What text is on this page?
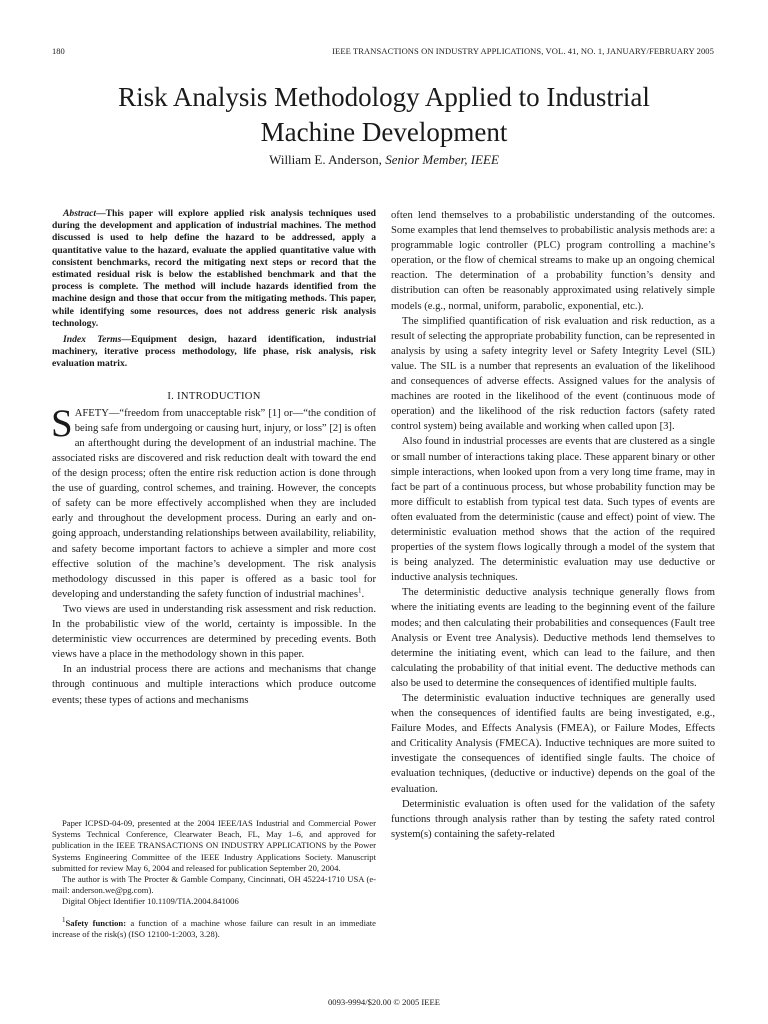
180	IEEE TRANSACTIONS ON INDUSTRY APPLICATIONS, VOL. 41, NO. 1, JANUARY/FEBRUARY 2005
Risk Analysis Methodology Applied to Industrial
Machine Development
William E. Anderson, Senior Member, IEEE

Abstract—This paper will explore applied risk analysis techniques used during the development and application of industrial machines. The method discussed is used to help define the hazard to be addressed, apply a quantitative value to the hazard, evaluate the applied quantitative value with consistent benchmarks, record the mitigating next steps or record that the estimated residual risk is below the established benchmark and that the process is complete. The method will include hazards identified from the machine design and those that occur from the mitigating methods. This paper, while identifying some resources, does not address generic risk analysis technology.

Index Terms—Equipment design, hazard identification, industrial machinery, iterative process methodology, life phase, risk analysis, risk evaluation matrix.

I. INTRODUCTION

SAFETY—“freedom from unacceptable risk” [1] or—“the condition of being safe from undergoing or causing hurt, injury, or loss” [2] is often an afterthought during the development of an industrial machine. The associated risks are discovered and risk reduction dealt with toward the end of the design process; often the entire risk reduction action is done through the use of guarding, control schemes, and training. However, the concepts of safety can be more effectively accomplished when they are included early and throughout the development process. During an early and on-going approach, understanding relationships between availability, reliability, and safety become important factors to achieve a simpler and more cost effective solution of the machine’s development. The risk analysis methodology discussed in this paper is offered as a basic tool for developing and understanding the safety function of industrial machines$^1$.

Two views are used in understanding risk assessment and risk reduction. In the probabilistic view of the world, certainty is impossible. In the deterministic view occurrences are determined by preceding events. Both views have a place in the methodology shown in this paper.

In an industrial process there are actions and mechanisms that change through continuous and multiple interactions which produce outcome events; these types of actions and mechanisms

Paper ICPSD-04-09, presented at the 2004 IEEE/IAS Industrial and Commercial Power Systems Technical Conference, Clearwater Beach, FL, May 1–6, and approved for publication in the IEEE TRANSACTIONS ON INDUSTRY APPLICATIONS by the Power Systems Engineering Committee of the IEEE Industry Applications Society. Manuscript submitted for review May 6, 2004 and released for publication September 20, 2004.

The author is with The Procter & Gamble Company, Cincinnati, OH 45224-1710 USA (e-mail: anderson.we@pg.com).

Digital Object Identifier 10.1109/TIA.2004.841006

$^1$Safety function: a function of a machine whose failure can result in an immediate increase of the risk(s) (ISO 12100-1:2003, 3.28).

often lend themselves to a probabilistic understanding of the outcomes. Some examples that lend themselves to probabilistic analysis methods are: a programmable logic controller (PLC) program controlling a machine’s operation, or the flow of chemical streams to make up an ongoing chemical reaction. The determination of a probability function’s density and distribution can often be reasonably approximated using relatively simple models (e.g., normal, uniform, parabolic, exponential, etc.).

The simplified quantification of risk evaluation and risk reduction, as a result of selecting the appropriate probability function, can be represented in analysis by using a safety integrity level or Safety Integrity Level (SIL) value. The SIL is a number that represents an evaluation of the likelihood and consequences of adverse effects. Assigned values for the analysis of machines are rooted in the likelihood of the event (continuous mode of operation) and the likelihood of the risk reduction factors (safety rated control system) being available and working when called upon [3].

Also found in industrial processes are events that are clustered as a single or small number of interactions taking place. These apparent binary or other simple interactions, when looked upon from a very long time frame, may in fact be part of a continuous process, but whose probability function may be more difficult to establish from typical test data. Such types of events are often evaluated from the deterministic (cause and effect) point of view. The deterministic evaluation method shows that the action of the required properties of the system flows logically through a model of the system that is being analyzed. The deterministic evaluation may use deductive or inductive analysis techniques.

The deterministic deductive analysis technique generally flows from where the initiating events are leading to the beginning event of the failure modes; and then calculating their probabilities and consequences (Fault tree Analysis or Event tree Analysis). Deductive methods lend themselves to determine the initiating event, which can lead to the failure, and then calculating the probability of that initial event. The deductive methods can also be used to determine the consequences of identified multiple faults.

The deterministic evaluation inductive techniques are generally used when the consequences of identified faults are being investigated, e.g., Failure Modes, and Effects Analysis (FMEA), or Failure Modes, Effects and Criticality Analysis (FMECA). Inductive techniques are more suited to investigate the consequences of identified single faults. The choice of evaluation techniques, (deductive or inductive) depends on the goal of the evaluation.

Deterministic evaluation is often used for the validation of the safety functions through analysis rather than by testing the safety rated control system(s) containing the safety-related

0093-9994/$20.00 © 2005 IEEE
